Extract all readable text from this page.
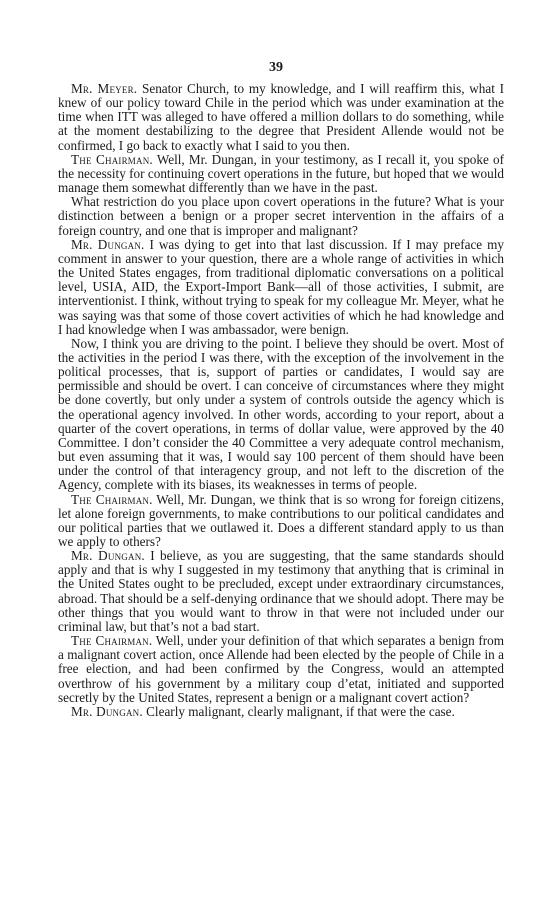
39

Mr. Meyer. Senator Church, to my knowledge, and I will reaffirm this, what I knew of our policy toward Chile in the period which was under examination at the time when ITT was alleged to have offered a million dollars to do something, while at the moment destabilizing to the degree that President Allende would not be confirmed, I go back to exactly what I said to you then.

The Chairman. Well, Mr. Dungan, in your testimony, as I recall it, you spoke of the necessity for continuing covert operations in the future, but hoped that we would manage them somewhat differently than we have in the past.

What restriction do you place upon covert operations in the future? What is your distinction between a benign or a proper secret intervention in the affairs of a foreign country, and one that is improper and malignant?

Mr. Dungan. I was dying to get into that last discussion. If I may preface my comment in answer to your question, there are a whole range of activities in which the United States engages, from traditional diplomatic conversations on a political level, USIA, AID, the Export-Import Bank—all of those activities, I submit, are interventionist. I think, without trying to speak for my colleague Mr. Meyer, what he was saying was that some of those covert activities of which he had knowledge and I had knowledge when I was ambassador, were benign.

Now, I think you are driving to the point. I believe they should be overt. Most of the activities in the period I was there, with the exception of the involvement in the political processes, that is, support of parties or candidates, I would say are permissible and should be overt. I can conceive of circumstances where they might be done covertly, but only under a system of controls outside the agency which is the operational agency involved. In other words, according to your report, about a quarter of the covert operations, in terms of dollar value, were approved by the 40 Committee. I don’t consider the 40 Committee a very adequate control mechanism, but even assuming that it was, I would say 100 percent of them should have been under the control of that interagency group, and not left to the discretion of the Agency, complete with its biases, its weaknesses in terms of people.

The Chairman. Well, Mr. Dungan, we think that is so wrong for foreign citizens, let alone foreign governments, to make contributions to our political candidates and our political parties that we outlawed it. Does a different standard apply to us than we apply to others?

Mr. Dungan. I believe, as you are suggesting, that the same standards should apply and that is why I suggested in my testimony that anything that is criminal in the United States ought to be precluded, except under extraordinary circumstances, abroad. That should be a self-denying ordinance that we should adopt. There may be other things that you would want to throw in that were not included under our criminal law, but that’s not a bad start.

The Chairman. Well, under your definition of that which separates a benign from a malignant covert action, once Allende had been elected by the people of Chile in a free election, and had been confirmed by the Congress, would an attempted overthrow of his government by a military coup d’etat, initiated and supported secretly by the United States, represent a benign or a malignant covert action?

Mr. Dungan. Clearly malignant, clearly malignant, if that were the case.
